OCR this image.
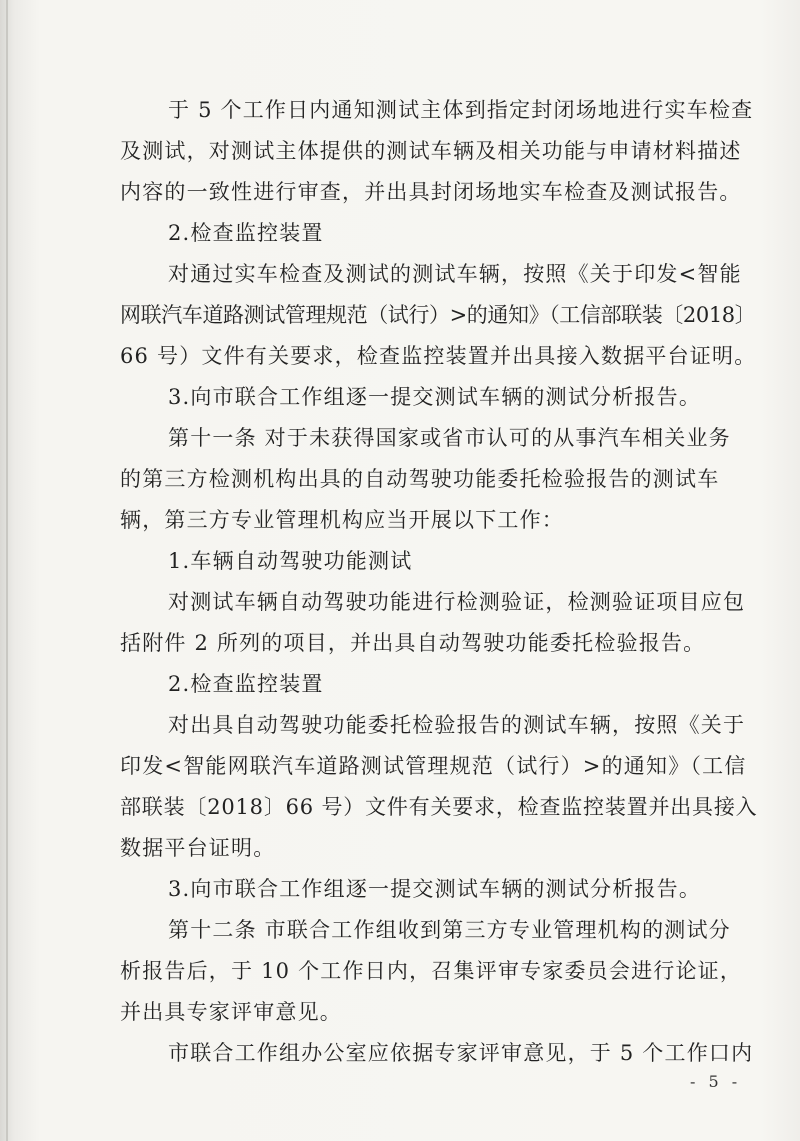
于 5 个工作日内通知测试主体到指定封闭场地进行实车检查
及测试，对测试主体提供的测试车辆及相关功能与申请材料描述
内容的一致性进行审查，并出具封闭场地实车检查及测试报告。
2.检查监控装置
对通过实车检查及测试的测试车辆，按照《关于印发<智能
网联汽车道路测试管理规范（试行）>的通知》（工信部联装〔2018〕
66 号）文件有关要求，检查监控装置并出具接入数据平台证明。
3.向市联合工作组逐一提交测试车辆的测试分析报告。
第十一条 对于未获得国家或省市认可的从事汽车相关业务
的第三方检测机构出具的自动驾驶功能委托检验报告的测试车
辆，第三方专业管理机构应当开展以下工作：
1.车辆自动驾驶功能测试
对测试车辆自动驾驶功能进行检测验证，检测验证项目应包
括附件 2 所列的项目，并出具自动驾驶功能委托检验报告。
2.检查监控装置
对出具自动驾驶功能委托检验报告的测试车辆，按照《关于
印发<智能网联汽车道路测试管理规范（试行）>的通知》（工信
部联装〔2018〕66 号）文件有关要求，检查监控装置并出具接入
数据平台证明。
3.向市联合工作组逐一提交测试车辆的测试分析报告。
第十二条 市联合工作组收到第三方专业管理机构的测试分
析报告后，于 10 个工作日内，召集评审专家委员会进行论证，
并出具专家评审意见。
- 5 -
市联合工作组办公室应依据专家评审意见，于 5 个工作口内
